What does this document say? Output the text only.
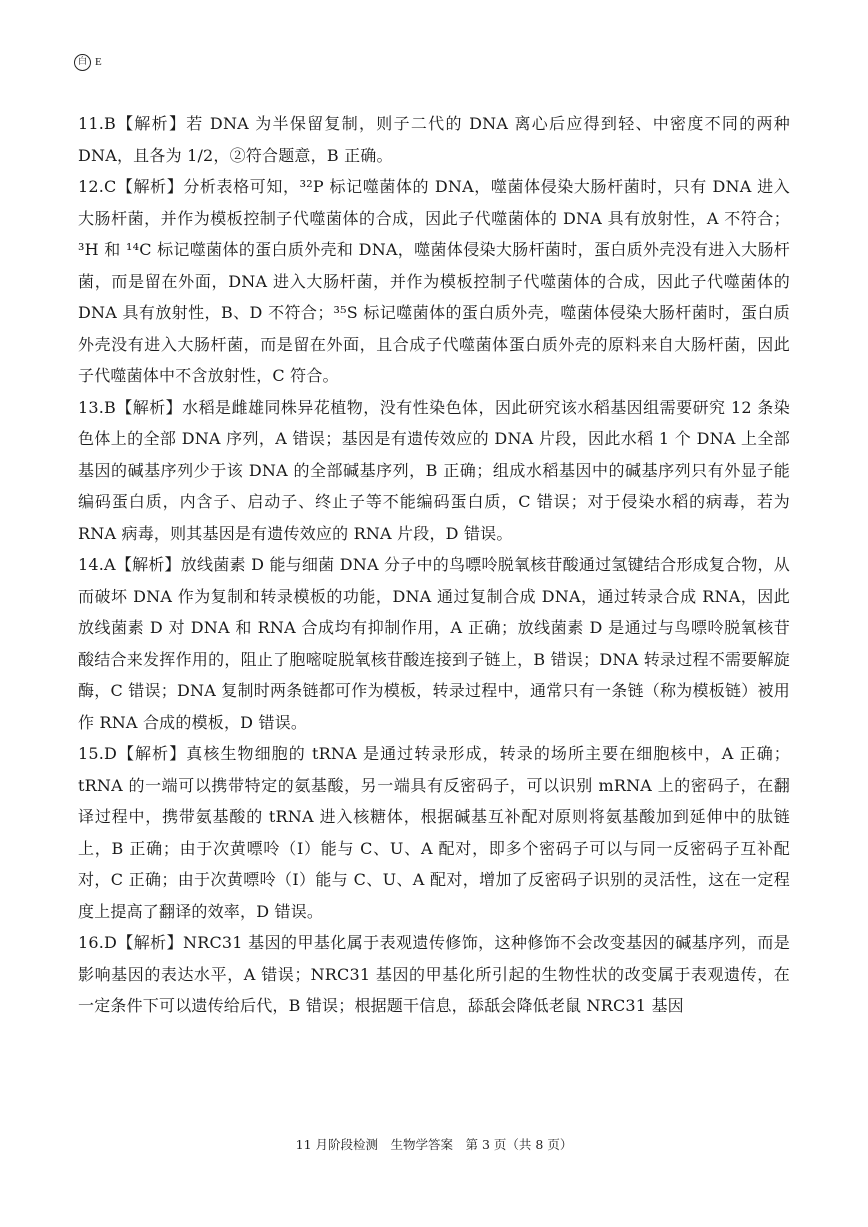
白 E

11.B【解析】若 DNA 为半保留复制，则子二代的 DNA 离心后应得到轻、中密度不同的两种 DNA，且各为 1/2，②符合题意，B 正确。

12.C【解析】分析表格可知，³²P 标记噬菌体的 DNA，噬菌体侵染大肠杆菌时，只有 DNA 进入大肠杆菌，并作为模板控制子代噬菌体的合成，因此子代噬菌体的 DNA 具有放射性，A 不符合；³H 和 ¹⁴C 标记噬菌体的蛋白质外壳和 DNA，噬菌体侵染大肠杆菌时，蛋白质外壳没有进入大肠杆菌，而是留在外面，DNA 进入大肠杆菌，并作为模板控制子代噬菌体的合成，因此子代噬菌体的 DNA 具有放射性，B、D 不符合；³⁵S 标记噬菌体的蛋白质外壳，噬菌体侵染大肠杆菌时，蛋白质外壳没有进入大肠杆菌，而是留在外面，且合成子代噬菌体蛋白质外壳的原料来自大肠杆菌，因此子代噬菌体中不含放射性，C 符合。

13.B【解析】水稻是雌雄同株异花植物，没有性染色体，因此研究该水稻基因组需要研究 12 条染色体上的全部 DNA 序列，A 错误；基因是有遗传效应的 DNA 片段，因此水稻 1 个 DNA 上全部基因的碱基序列少于该 DNA 的全部碱基序列，B 正确；组成水稻基因中的碱基序列只有外显子能编码蛋白质，内含子、启动子、终止子等不能编码蛋白质，C 错误；对于侵染水稻的病毒，若为 RNA 病毒，则其基因是有遗传效应的 RNA 片段，D 错误。

14.A【解析】放线菌素 D 能与细菌 DNA 分子中的鸟嘌呤脱氧核苷酸通过氢键结合形成复合物，从而破坏 DNA 作为复制和转录模板的功能，DNA 通过复制合成 DNA，通过转录合成 RNA，因此放线菌素 D 对 DNA 和 RNA 合成均有抑制作用，A 正确；放线菌素 D 是通过与鸟嘌呤脱氧核苷酸结合来发挥作用的，阻止了胞嘧啶脱氧核苷酸连接到子链上，B 错误；DNA 转录过程不需要解旋酶，C 错误；DNA 复制时两条链都可作为模板，转录过程中，通常只有一条链（称为模板链）被用作 RNA 合成的模板，D 错误。

15.D【解析】真核生物细胞的 tRNA 是通过转录形成，转录的场所主要在细胞核中，A 正确；tRNA 的一端可以携带特定的氨基酸，另一端具有反密码子，可以识别 mRNA 上的密码子，在翻译过程中，携带氨基酸的 tRNA 进入核糖体，根据碱基互补配对原则将氨基酸加到延伸中的肽链上，B 正确；由于次黄嘌呤（I）能与 C、U、A 配对，即多个密码子可以与同一反密码子互补配对，C 正确；由于次黄嘌呤（I）能与 C、U、A 配对，增加了反密码子识别的灵活性，这在一定程度上提高了翻译的效率，D 错误。

16.D【解析】NRC31 基因的甲基化属于表观遗传修饰，这种修饰不会改变基因的碱基序列，而是影响基因的表达水平，A 错误；NRC31 基因的甲基化所引起的生物性状的改变属于表观遗传，在一定条件下可以遗传给后代，B 错误；根据题干信息，舔舐会降低老鼠 NRC31 基因

11 月阶段检测　生物学答案　第 3 页（共 8 页）
